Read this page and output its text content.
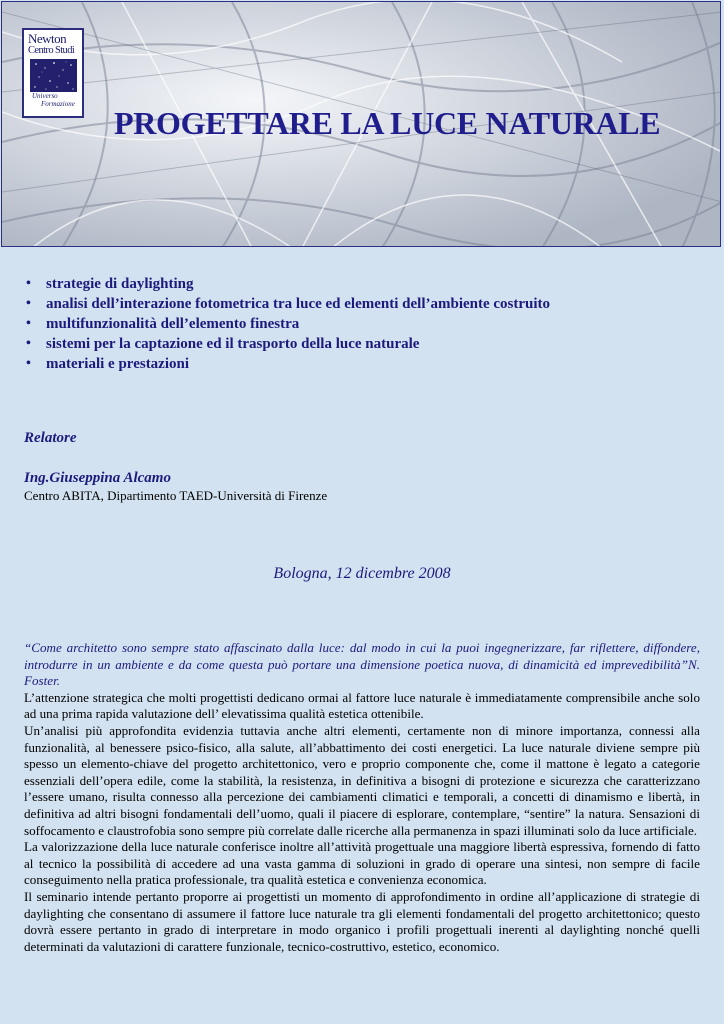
Newton
Centro Studi
Universo
Formazione
PROGETTARE LA LUCE NATURALE
• strategie di daylighting
• analisi dell’interazione fotometrica tra luce ed elementi dell’ambiente costruito
• multifunzionalità dell’elemento finestra
• sistemi per la captazione ed il trasporto della luce naturale
• materiali e prestazioni
Relatore
Ing.Giuseppina Alcamo
Centro ABITA, Dipartimento TAED-Università di Firenze
Bologna, 12 dicembre 2008

“Come architetto sono sempre stato affascinato dalla luce: dal modo in cui la puoi ingegnerizzare, far riflettere, diffondere, introdurre in un ambiente e da come questa può portare una dimensione poetica nuova, di dinamicità ed imprevedibilità”N. Foster.

L’attenzione strategica che molti progettisti dedicano ormai al fattore luce naturale è immediatamente comprensibile anche solo ad una prima rapida valutazione dell’ elevatissima qualità estetica ottenibile.

Un’analisi più approfondita evidenzia tuttavia anche altri elementi, certamente non di minore importanza, connessi alla funzionalità, al benessere psico-fisico, alla salute, all’abbattimento dei costi energetici. La luce naturale diviene sempre più spesso un elemento-chiave del progetto architettonico, vero e proprio componente che, come il mattone è legato a categorie essenziali dell’opera edile, come la stabilità, la resistenza, in definitiva a bisogni di protezione e sicurezza che caratterizzano l’essere umano, risulta connesso alla percezione dei cambiamenti climatici e temporali, a concetti di dinamismo e libertà, in definitiva ad altri bisogni fondamentali dell’uomo, quali il piacere di esplorare, contemplare, “sentire” la natura. Sensazioni di soffocamento e claustrofobia sono sempre più correlate dalle ricerche alla permanenza in spazi illuminati solo da luce artificiale.

La valorizzazione della luce naturale conferisce inoltre all’attività progettuale una maggiore libertà espressiva, fornendo di fatto al tecnico la possibilità di accedere ad una vasta gamma di soluzioni in grado di operare una sintesi, non sempre di facile conseguimento nella pratica professionale, tra qualità estetica e convenienza economica.

Il seminario intende pertanto proporre ai progettisti un momento di approfondimento in ordine all’applicazione di strategie di daylighting che consentano di assumere il fattore luce naturale tra gli elementi fondamentali del progetto architettonico; questo dovrà essere pertanto in grado di interpretare in modo organico i profili progettuali inerenti al daylighting nonché quelli determinati da valutazioni di carattere funzionale, tecnico-costruttivo, estetico, economico.
